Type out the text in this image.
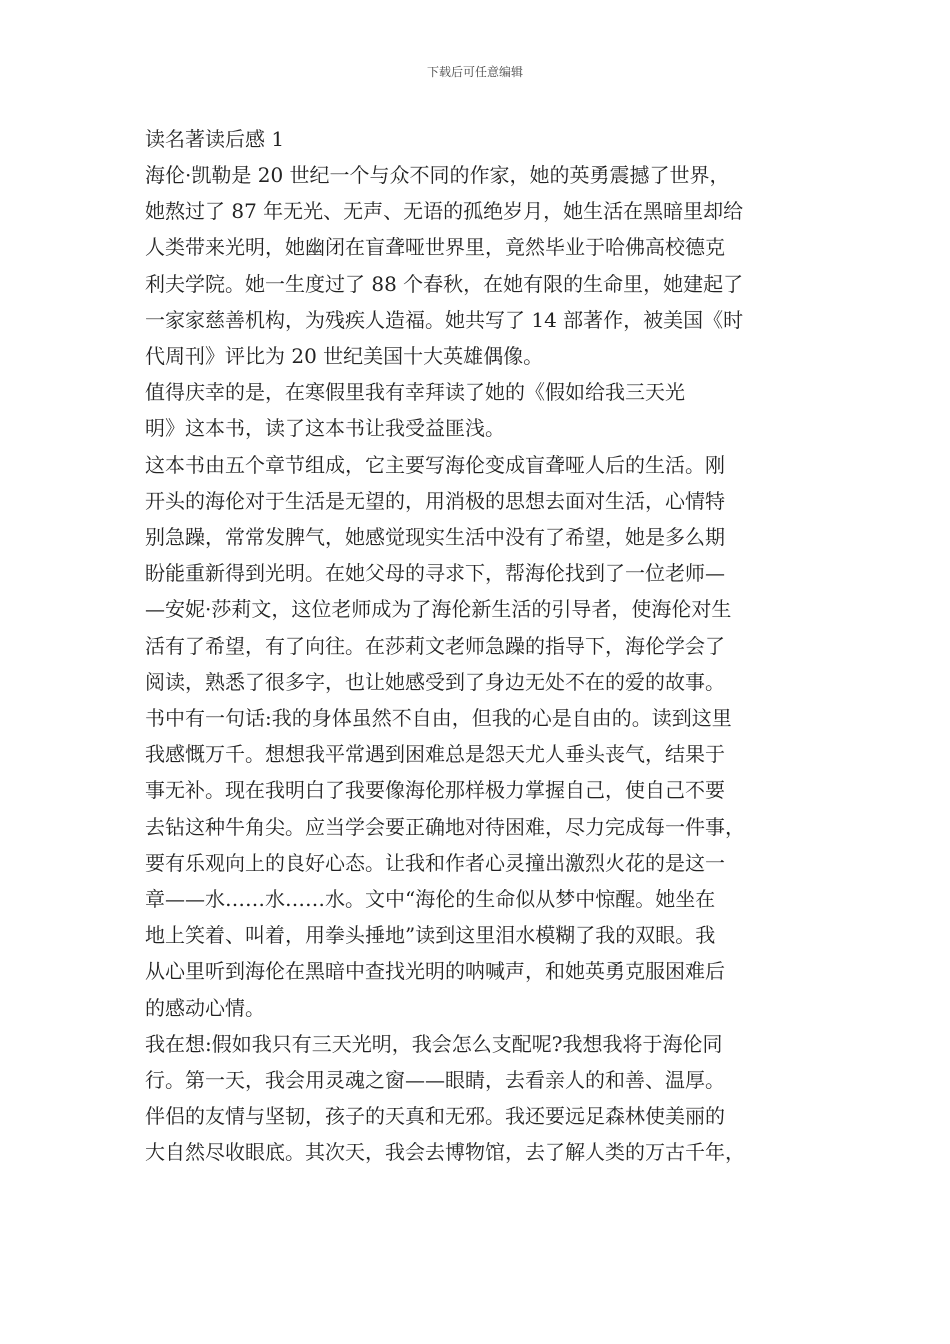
下载后可任意编辑

读名著读后感 1

海伦·凯勒是 20 世纪一个与众不同的作家，她的英勇震撼了世界，

她熬过了 87 年无光、无声、无语的孤绝岁月，她生活在黑暗里却给

人类带来光明，她幽闭在盲聋哑世界里，竟然毕业于哈佛高校德克

利夫学院。她一生度过了 88 个春秋，在她有限的生命里，她建起了

一家家慈善机构，为残疾人造福。她共写了 14 部著作，被美国《时

代周刊》评比为 20 世纪美国十大英雄偶像。

值得庆幸的是，在寒假里我有幸拜读了她的《假如给我三天光

明》这本书，读了这本书让我受益匪浅。

这本书由五个章节组成，它主要写海伦变成盲聋哑人后的生活。刚

开头的海伦对于生活是无望的，用消极的思想去面对生活，心情特

别急躁，常常发脾气，她感觉现实生活中没有了希望，她是多么期

盼能重新得到光明。在她父母的寻求下，帮海伦找到了一位老师—

—安妮·莎莉文，这位老师成为了海伦新生活的引导者，使海伦对生

活有了希望，有了向往。在莎莉文老师急躁的指导下，海伦学会了

阅读，熟悉了很多字，也让她感受到了身边无处不在的爱的故事。

书中有一句话:我的身体虽然不自由，但我的心是自由的。读到这里

我感慨万千。想想我平常遇到困难总是怨天尤人垂头丧气，结果于

事无补。现在我明白了我要像海伦那样极力掌握自己，使自己不要

去钻这种牛角尖。应当学会要正确地对待困难，尽力完成每一件事，

要有乐观向上的良好心态。让我和作者心灵撞出激烈火花的是这一

章——水……水……水。文中“海伦的生命似从梦中惊醒。她坐在

地上笑着、叫着，用拳头捶地”读到这里泪水模糊了我的双眼。我

从心里听到海伦在黑暗中查找光明的呐喊声，和她英勇克服困难后

的感动心情。

我在想:假如我只有三天光明，我会怎么支配呢?我想我将于海伦同

行。第一天，我会用灵魂之窗——眼睛，去看亲人的和善、温厚。

伴侣的友情与坚韧，孩子的天真和无邪。我还要远足森林使美丽的

大自然尽收眼底。其次天，我会去博物馆，去了解人类的万古千年，
